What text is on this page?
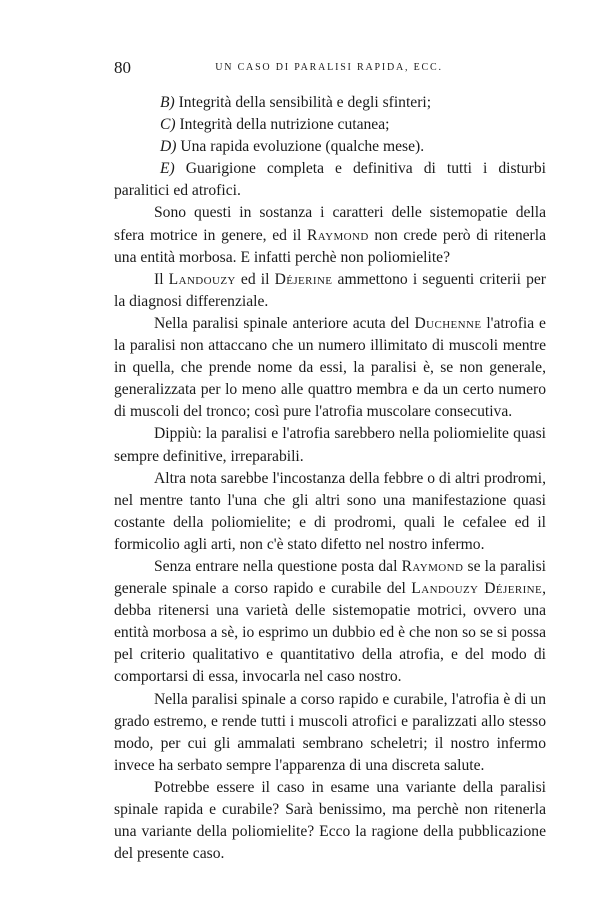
80	UN CASO DI PARALISI RAPIDA, ECC.

B) Integrità della sensibilità e degli sfinteri;

C) Integrità della nutrizione cutanea;

D) Una rapida evoluzione (qualche mese).

E) Guarigione completa e definitiva di tutti i disturbi paralitici ed atrofici.

Sono questi in sostanza i caratteri delle sistemopatie della sfera motrice in genere, ed il Raymond non crede però di ritenerla una entità morbosa. E infatti perchè non poliomielite?

Il Landouzy ed il Déjerine ammettono i seguenti criterii per la diagnosi differenziale.

Nella paralisi spinale anteriore acuta del Duchenne l'atrofia e la paralisi non attaccano che un numero illimitato di muscoli mentre in quella, che prende nome da essi, la paralisi è, se non generale, generalizzata per lo meno alle quattro membra e da un certo numero di muscoli del tronco; così pure l'atrofia muscolare consecutiva.

Dippiù: la paralisi e l'atrofia sarebbero nella poliomielite quasi sempre definitive, irreparabili.

Altra nota sarebbe l'incostanza della febbre o di altri prodromi, nel mentre tanto l'una che gli altri sono una manifestazione quasi costante della poliomielite; e di prodromi, quali le cefalee ed il formicolio agli arti, non c'è stato difetto nel nostro infermo.

Senza entrare nella questione posta dal Raymond se la paralisi generale spinale a corso rapido e curabile del Landouzy Déjerine, debba ritenersi una varietà delle sistemopatie motrici, ovvero una entità morbosa a sè, io esprimo un dubbio ed è che non so se si possa pel criterio qualitativo e quantitativo della atrofia, e del modo di comportarsi di essa, invocarla nel caso nostro.

Nella paralisi spinale a corso rapido e curabile, l'atrofia è di un grado estremo, e rende tutti i muscoli atrofici e paralizzati allo stesso modo, per cui gli ammalati sembrano scheletri; il nostro infermo invece ha serbato sempre l'apparenza di una discreta salute.

Potrebbe essere il caso in esame una variante della paralisi spinale rapida e curabile? Sarà benissimo, ma perchè non ritenerla una variante della poliomielite? Ecco la ragione della pubblicazione del presente caso.
